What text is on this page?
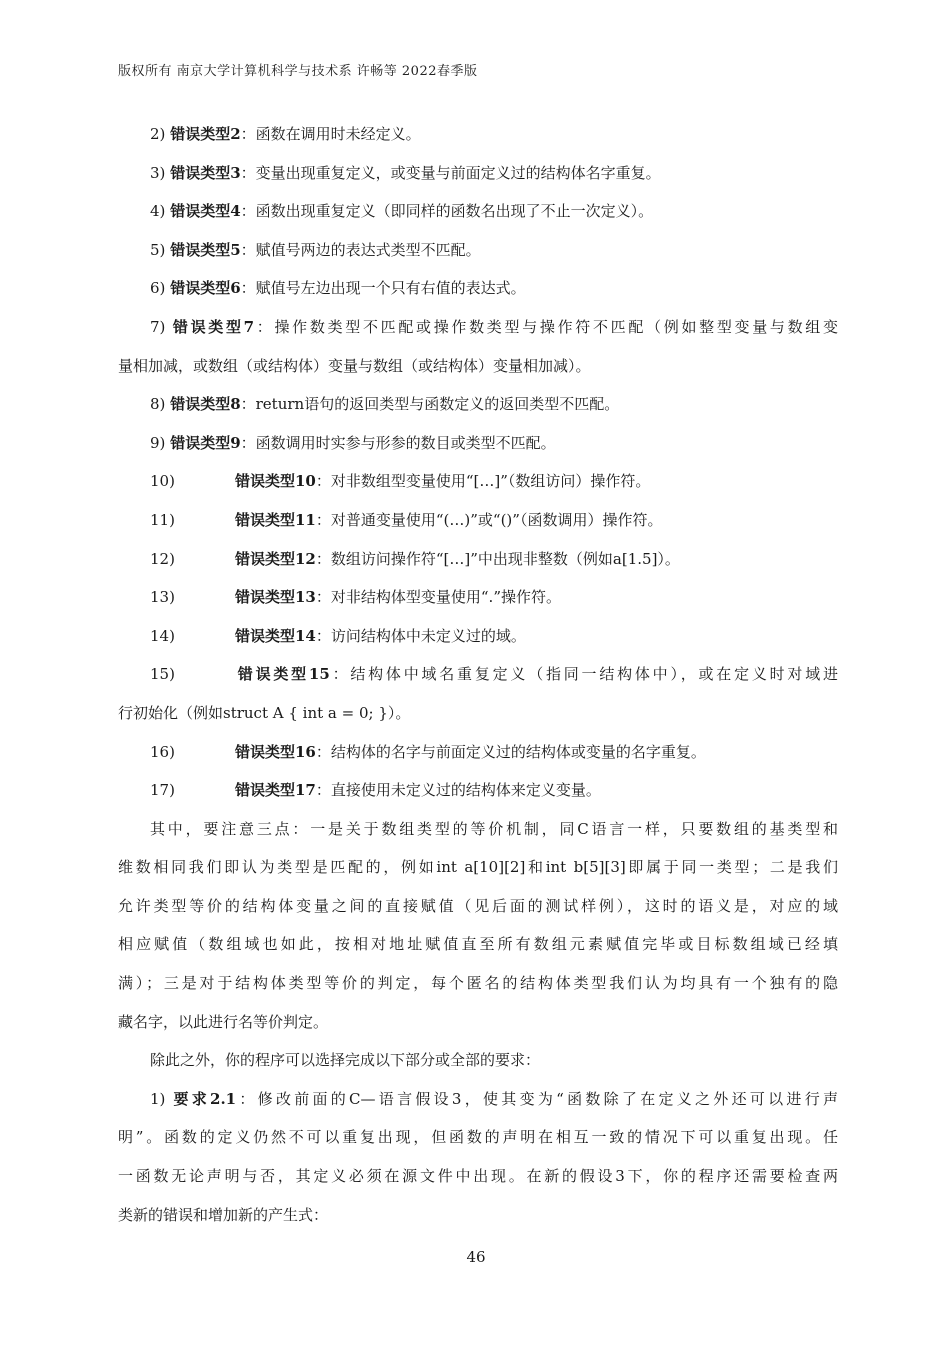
版权所有 南京大学计算机科学与技术系 许畅等 2022春季版
2) 错误类型2：函数在调用时未经定义。
3) 错误类型3：变量出现重复定义，或变量与前面定义过的结构体名字重复。
4) 错误类型4：函数出现重复定义（即同样的函数名出现了不止一次定义）。
5) 错误类型5：赋值号两边的表达式类型不匹配。
6) 错误类型6：赋值号左边出现一个只有右值的表达式。
7) 错误类型7：操作数类型不匹配或操作数类型与操作符不匹配（例如整型变量与数组变
量相加减，或数组（或结构体）变量与数组（或结构体）变量相加减）。
8) 错误类型8：return语句的返回类型与函数定义的返回类型不匹配。
9) 错误类型9：函数调用时实参与形参的数目或类型不匹配。
10)	错误类型10：对非数组型变量使用“[…]”（数组访问）操作符。
11)	错误类型11：对普通变量使用“(…)”或“()”（函数调用）操作符。
12)	错误类型12：数组访问操作符“[…]”中出现非整数（例如a[1.5]）。
13)	错误类型13：对非结构体型变量使用“.”操作符。
14)	错误类型14：访问结构体中未定义过的域。
15)	错误类型15：结构体中域名重复定义（指同一结构体中），或在定义时对域进
行初始化（例如struct A { int a = 0; }）。
16)	错误类型16：结构体的名字与前面定义过的结构体或变量的名字重复。
17)	错误类型17：直接使用未定义过的结构体来定义变量。
其中，要注意三点：一是关于数组类型的等价机制，同C语言一样，只要数组的基类型和
维数相同我们即认为类型是匹配的，例如int a[10][2]和int b[5][3]即属于同一类型；二是我们
允许类型等价的结构体变量之间的直接赋值（见后面的测试样例），这时的语义是，对应的域
相应赋值（数组域也如此，按相对地址赋值直至所有数组元素赋值完毕或目标数组域已经填
满）；三是对于结构体类型等价的判定，每个匿名的结构体类型我们认为均具有一个独有的隐
藏名字，以此进行名等价判定。
除此之外，你的程序可以选择完成以下部分或全部的要求：
1) 要求2.1：修改前面的C—语言假设3，使其变为“函数除了在定义之外还可以进行声
明”。函数的定义仍然不可以重复出现，但函数的声明在相互一致的情况下可以重复出现。任
一函数无论声明与否，其定义必须在源文件中出现。在新的假设3下，你的程序还需要检查两
类新的错误和增加新的产生式：
46
